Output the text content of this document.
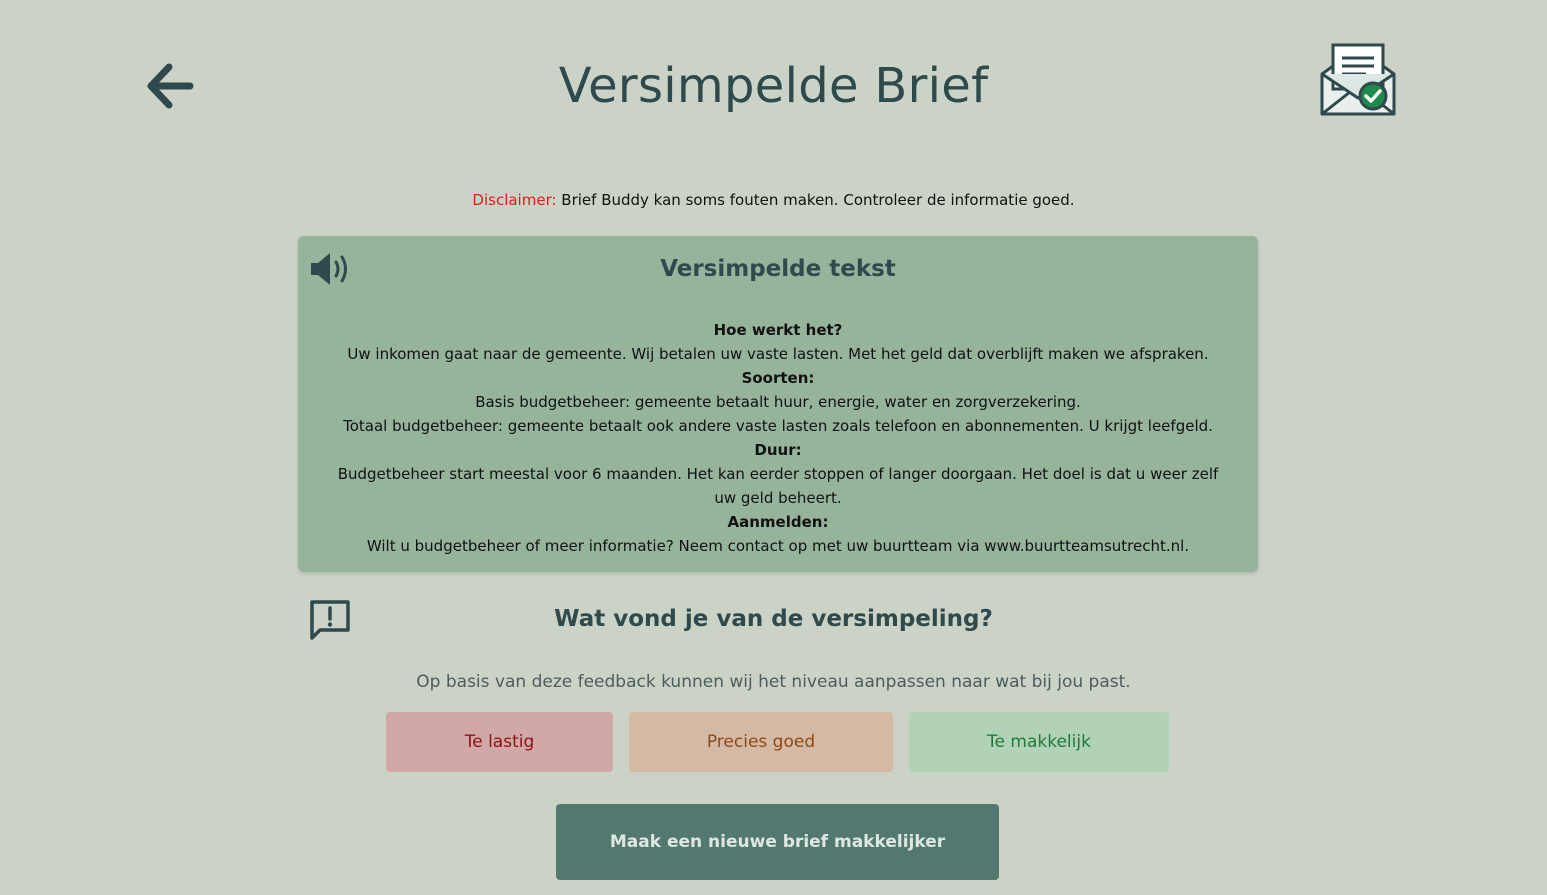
Versimpelde Brief

Disclaimer: Brief Buddy kan soms fouten maken. Controleer de informatie goed.

Versimpelde tekst
Hoe werkt het?
Uw inkomen gaat naar de gemeente. Wij betalen uw vaste lasten. Met het geld dat overblijft maken we afspraken.
Soorten:
Basis budgetbeheer: gemeente betaalt huur, energie, water en zorgverzekering.
Totaal budgetbeheer: gemeente betaalt ook andere vaste lasten zoals telefoon en abonnementen. U krijgt leefgeld.
Duur:
Budgetbeheer start meestal voor 6 maanden. Het kan eerder stoppen of langer doorgaan. Het doel is dat u weer zelf uw geld beheert.
Aanmelden:
Wilt u budgetbeheer of meer informatie? Neem contact op met uw buurtteam via www.buurtteamsutrecht.nl.
Wat vond je van de versimpeling?

Op basis van deze feedback kunnen wij het niveau aanpassen naar wat bij jou past.

Te lastig	Precies goed	Te makkelijk
Maak een nieuwe brief makkelijker
